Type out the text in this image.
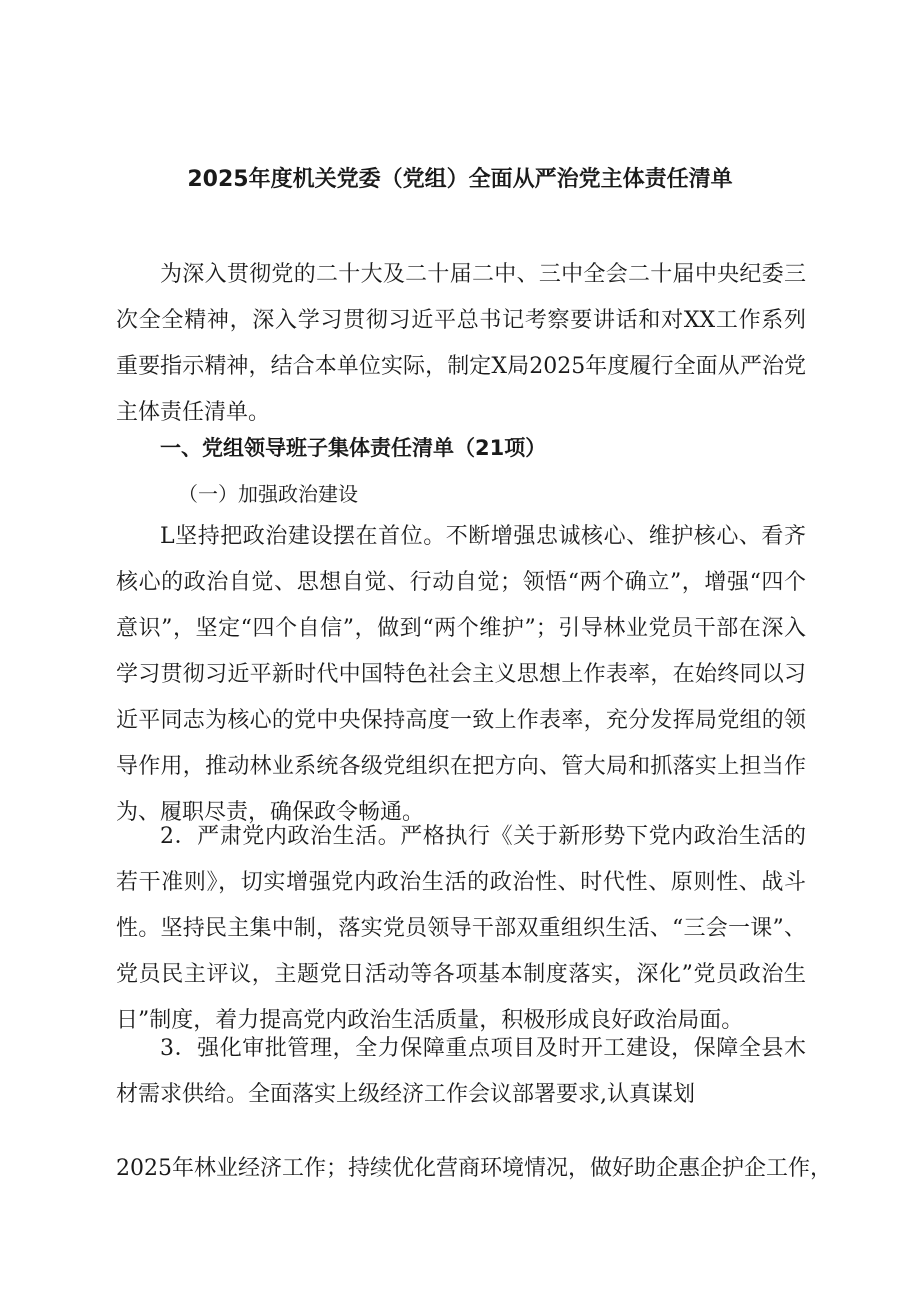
2025年度机关党委（党组）全面从严治党主体责任清单

为深入贯彻党的二十大及二十届二中、三中全会二十届中央纪委三次全全精神，深入学习贯彻习近平总书记考察要讲话和对XX工作系列重要指示精神，结合本单位实际，制定X局2025年度履行全面从严治党主体责任清单。

一、党组领导班子集体责任清单（21项）
（一）加强政治建设

L坚持把政治建设摆在首位。不断增强忠诚核心、维护核心、看齐核心的政治自觉、思想自觉、行动自觉；领悟“两个确立”，增强“四个意识”，坚定“四个自信”，做到“两个维护”；引导林业党员干部在深入学习贯彻习近平新时代中国特色社会主义思想上作表率，在始终同以习近平同志为核心的党中央保持高度一致上作表率，充分发挥局党组的领导作用，推动林业系统各级党组织在把方向、管大局和抓落实上担当作为、履职尽责，确保政令畅通。

2．严肃党内政治生活。严格执行《关于新形势下党内政治生活的若干准则》，切实增强党内政治生活的政治性、时代性、原则性、战斗性。坚持民主集中制，落实党员领导干部双重组织生活、“三会一课”、党员民主评议，主题党日活动等各项基本制度落实，深化”党员政治生日”制度，着力提高党内政治生活质量，积极形成良好政治局面。

3．强化审批管理，全力保障重点项目及时开工建设，保障全县木材需求供给。全面落实上级经济工作会议部署要求,认真谋划

2025年林业经济工作；持续优化营商环境情况，做好助企惠企护企工作，
